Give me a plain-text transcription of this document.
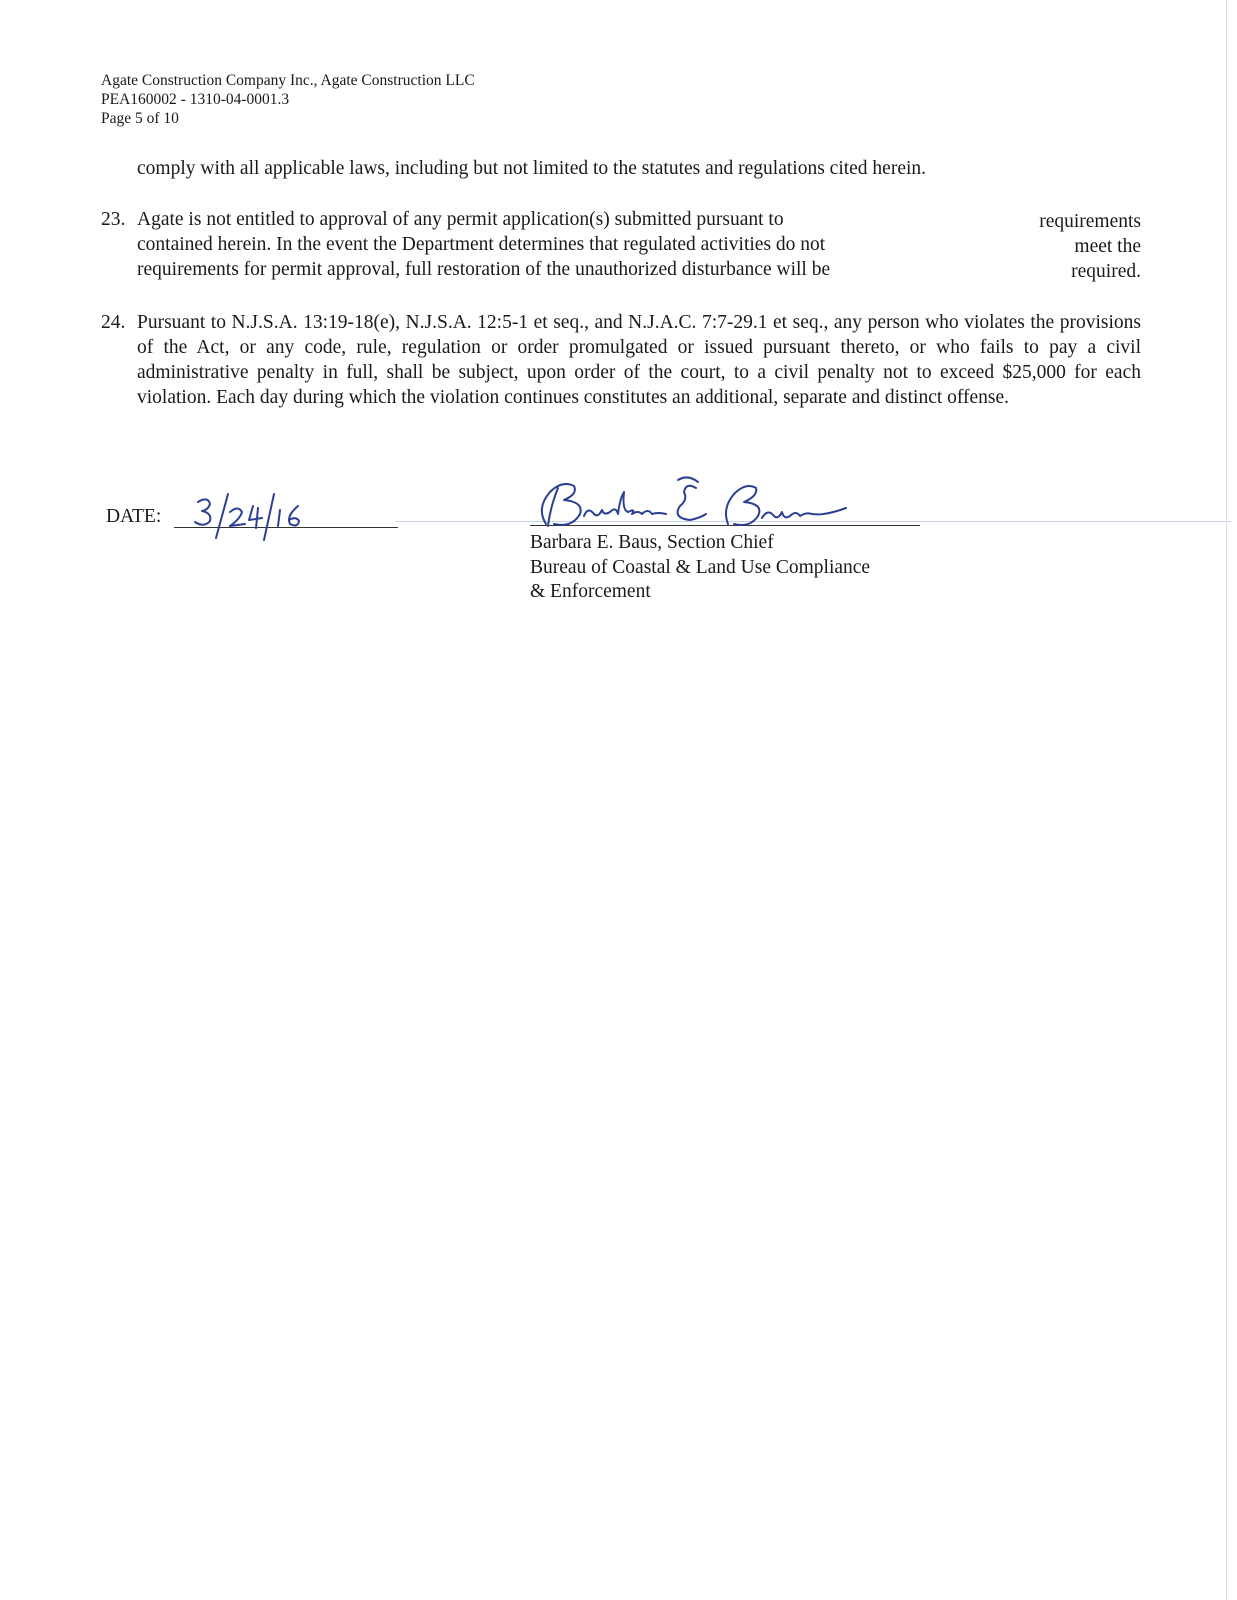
Agate Construction Company Inc., Agate Construction LLC
PEA160002 - 1310-04-0001.3
Page 5 of 10
comply with all applicable laws, including but not limited to the statutes and regulations cited herein.
23. Agate is not entitled to approval of any permit application(s) submitted pursuant to
contained herein. In the event the Department determines that regulated activities do not
requirements for permit approval, full restoration of the unauthorized disturbance will be
requirements
meet the
required.
24. Pursuant to N.J.S.A. 13:19-18(e), N.J.S.A. 12:5-1 et seq., and N.J.A.C. 7:7-29.1 et seq., any person who violates the provisions of the Act, or any code, rule, regulation or order promulgated or issued pursuant thereto, or who fails to pay a civil administrative penalty in full, shall be subject, upon order of the court, to a civil penalty not to exceed $25,000 for each violation. Each day during which the violation continues constitutes an additional, separate and distinct offense.
DATE:
Barbara E. Baus, Section Chief
Bureau of Coastal & Land Use Compliance
& Enforcement
